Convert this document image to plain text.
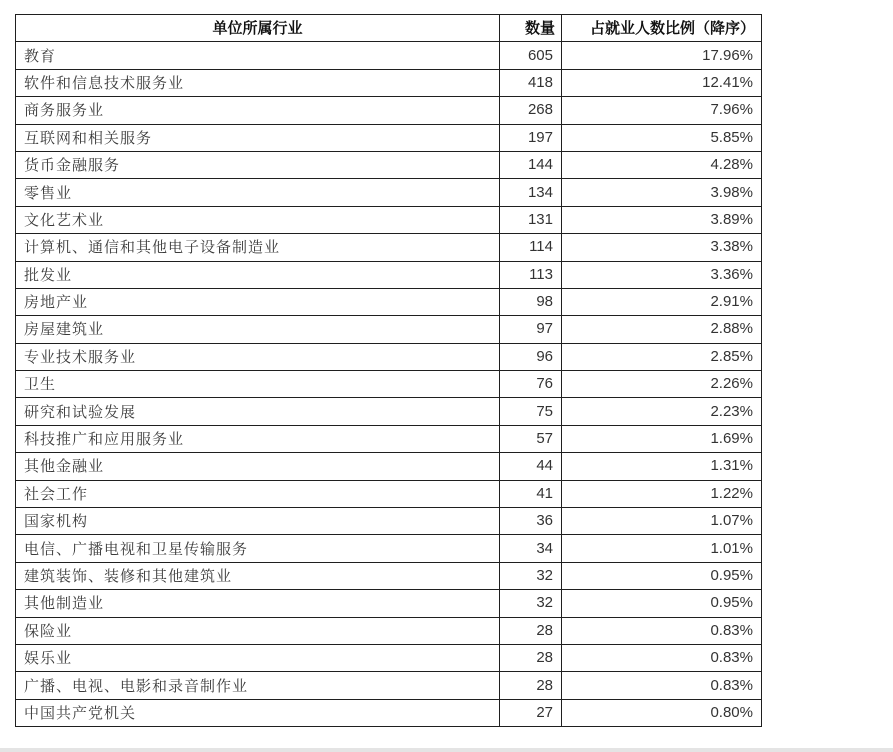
单位所属行业	数量	占就业人数比例（降序）
教育	605	17.96%
软件和信息技术服务业	418	12.41%
商务服务业	268	7.96%
互联网和相关服务	197	5.85%
货币金融服务	144	4.28%
零售业	134	3.98%
文化艺术业	131	3.89%
计算机、通信和其他电子设备制造业	114	3.38%
批发业	113	3.36%
房地产业	98	2.91%
房屋建筑业	97	2.88%
专业技术服务业	96	2.85%
卫生	76	2.26%
研究和试验发展	75	2.23%
科技推广和应用服务业	57	1.69%
其他金融业	44	1.31%
社会工作	41	1.22%
国家机构	36	1.07%
电信、广播电视和卫星传输服务	34	1.01%
建筑装饰、装修和其他建筑业	32	0.95%
其他制造业	32	0.95%
保险业	28	0.83%
娱乐业	28	0.83%
广播、电视、电影和录音制作业	28	0.83%
中国共产党机关	27	0.80%
